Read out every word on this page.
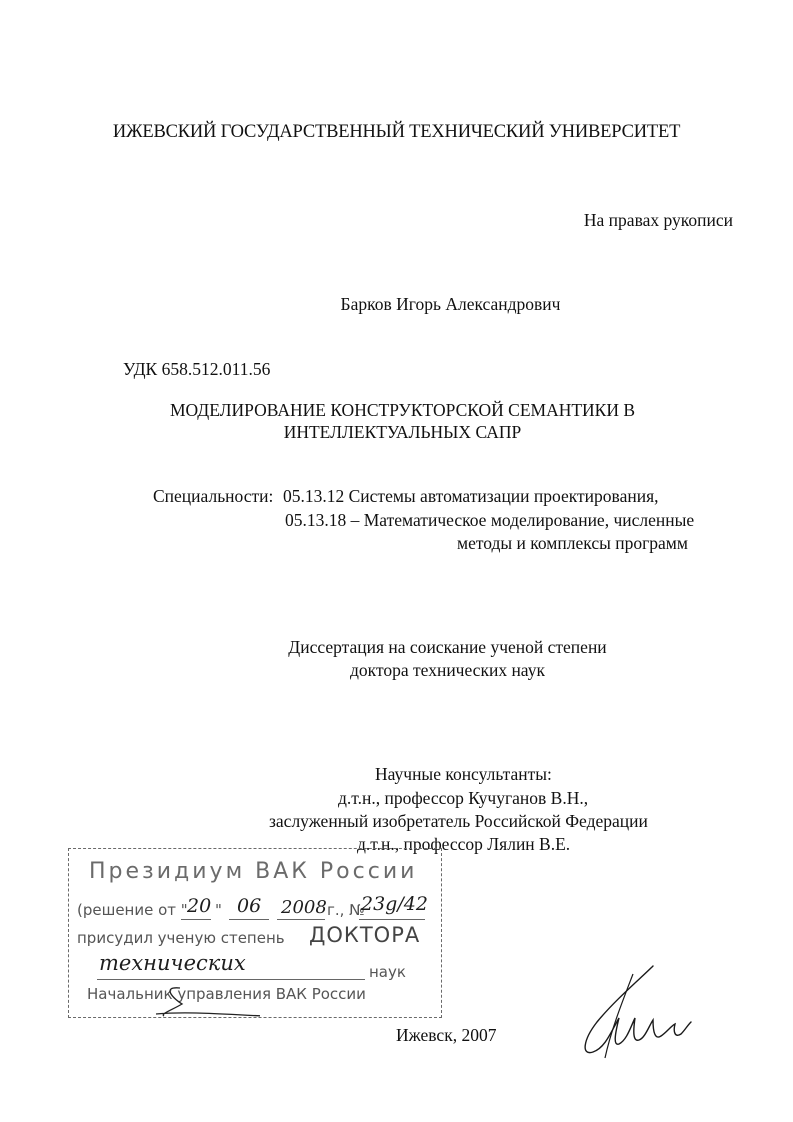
ИЖЕВСКИЙ ГОСУДАРСТВЕННЫЙ ТЕХНИЧЕСКИЙ УНИВЕРСИТЕТ
На правах рукописи
Барков Игорь Александрович
УДК 658.512.011.56
МОДЕЛИРОВАНИЕ КОНСТРУКТОРСКОЙ СЕМАНТИКИ В
ИНТЕЛЛЕКТУАЛЬНЫХ САПР
Специальности: 05.13.12 Системы автоматизации проектирования,
05.13.18 – Математическое моделирование, численные
методы и комплексы программ
Диссертация на соискание ученой степени
доктора технических наук
Научные консультанты:
д.т.н., профессор Кучуганов В.Н.,
заслуженный изобретатель Российской Федерации
д.т.н., профессор Лялин В.Е.
Президиум ВАК России
(решение от " 20 " 06 2008 г., №
23g/42
присудил ученую степень ДОКТОРА
технических	наук
Начальник управления ВАК России
Ижевск, 2007
